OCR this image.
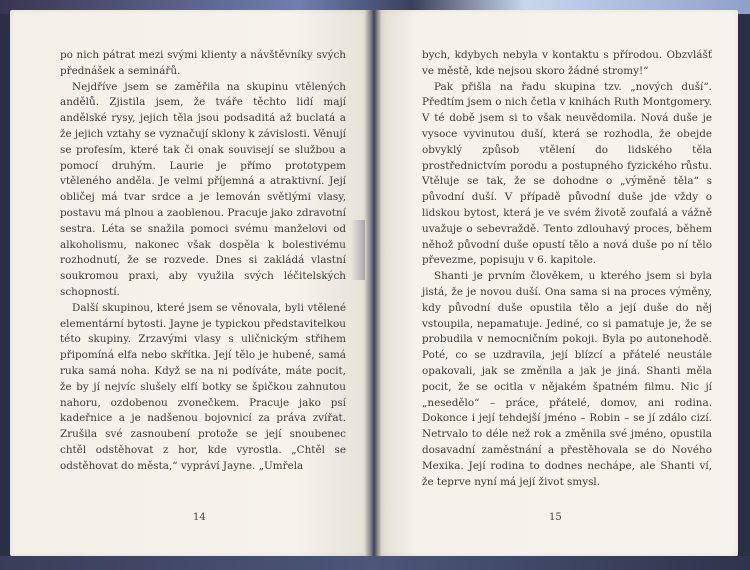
po nich pátrat mezi svými klienty a návštěvníky svých přednášek a seminářů.

Nejdříve jsem se zaměřila na skupinu vtělených andělů. Zjistila jsem, že tváře těchto lidí mají andělské rysy, jejich těla jsou podsaditá až buclatá a že jejich vztahy se vyznačují sklony k závislosti. Věnují se profesím, které tak či onak souvisejí se službou a pomocí druhým. Laurie je přímo prototypem vtěleného anděla. Je velmi příjemná a atraktivní. Její obličej má tvar srdce a je lemován světlými vlasy, postavu má plnou a zaoblenou. Pracuje jako zdravotní sestra. Léta se snažila pomoci svému manželovi od alkoholismu, nakonec však dospěla k bolestivému rozhodnutí, že se rozvede. Dnes si zakládá vlastní soukromou praxi, aby využila svých léčitelských schopností.

Další skupinou, které jsem se věnovala, byli vtělené elementární bytosti. Jayne je typickou představitelkou této skupiny. Zrzavými vlasy s uličnickým střihem připomíná elfa nebo skřítka. Její tělo je hubené, samá ruka samá noha. Když se na ni podíváte, máte pocit, že by jí nejvíc slušely elfí botky se špičkou zahnutou nahoru, ozdobenou zvonečkem. Pracuje jako psí kadeřnice a je nadšenou bojovnicí za práva zvířat. Zrušila své zasnoubení protože se její snoubenec chtěl odstěhovat z hor, kde vyrostla. „Chtěl se odstěhovat do města,“ vypráví Jayne. „Umřela

14

bych, kdybych nebyla v kontaktu s přírodou. Obzvlášť ve městě, kde nejsou skoro žádné stromy!“

Pak přišla na řadu skupina tzv. „nových duší“. Předtím jsem o nich četla v knihách Ruth Montgomery. V té době jsem si to však neuvědomila. Nová duše je vysoce vyvinutou duší, která se rozhodla, že obejde obvyklý způsob vtělení do lidského těla prostřednictvím porodu a postupného fyzického růstu. Vtěluje se tak, že se dohodne o „výměně těla“ s původní duší. V případě původní duše jde vždy o lidskou bytost, která je ve svém životě zoufalá a vážně uvažuje o sebevraždě. Tento zdlouhavý proces, během něhož původní duše opustí tělo a nová duše po ní tělo převezme, popisuju v 6. kapitole.

Shanti je prvním člověkem, u kterého jsem si byla jistá, že je novou duší. Ona sama si na proces výměny, kdy původní duše opustila tělo a její duše do něj vstoupila, nepamatuje. Jediné, co si pamatuje je, že se probudila v nemocničním pokoji. Byla po autonehodě. Poté, co se uzdravila, její blízcí a přátelé neustále opakovali, jak se změnila a jak je jiná. Shanti měla pocit, že se ocitla v nějakém špatném filmu. Nic jí „nesedělo“ – práce, přátelé, domov, ani rodina. Dokonce i její tehdejší jméno – Robin – se jí zdálo cizí. Netrvalo to déle než rok a změnila své jméno, opustila dosavadní zaměstnání a přestěhovala se do Nového Mexika. Její rodina to dodnes nechápe, ale Shanti ví, že teprve nyní má její život smysl.

15
